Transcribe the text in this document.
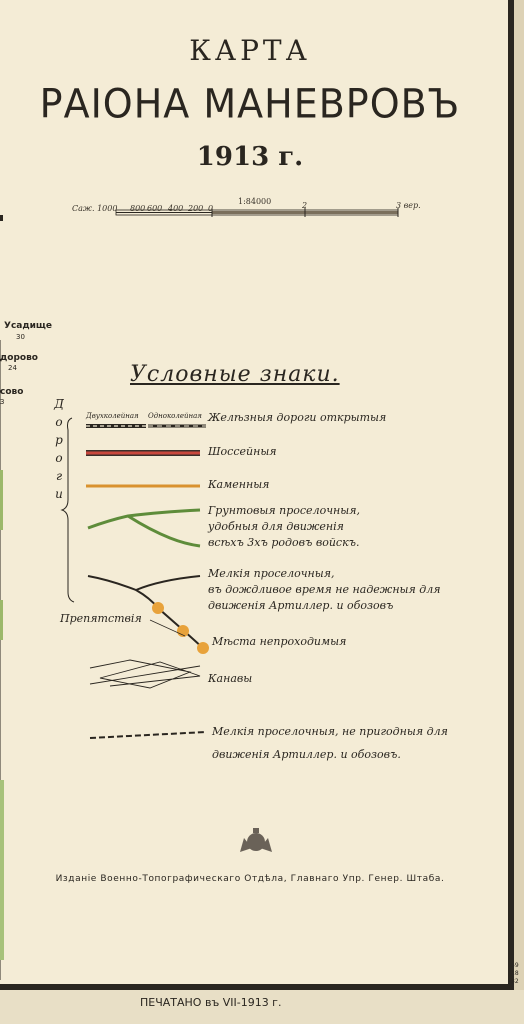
КАРТА
РАIОНА МАНЕВРОВЪ
1913 г.
Саж. 1000 800 600 400 200 0
1:84000	2	3 вер.
Усадище
30
дорово
24
совo
3
Условные знаки.
Д
о
р
о
г
и
Двухколейная Одноколейная Желѣзныя дороги открытыя
Шоссейныя
Каменныя
Грунтовыя проселочныя,
удобныя для движенія
всѣхъ 3хъ родовъ войскъ.
Мелкія проселочныя,
въ дождливое время не надежныя для
движенія Артиллер. и обозовъ
Препятствія
Мѣста непроходимыя
Канавы
Мелкія проселочныя, не пригодныя для
движенія Артиллер. и обозовъ.
Изданiе Военно-Топографическаго Отдѣла, Главнаго Упр. Генер. Штаба.
ПЕЧАТАНО въ VII-1913 г.
59
18
32
